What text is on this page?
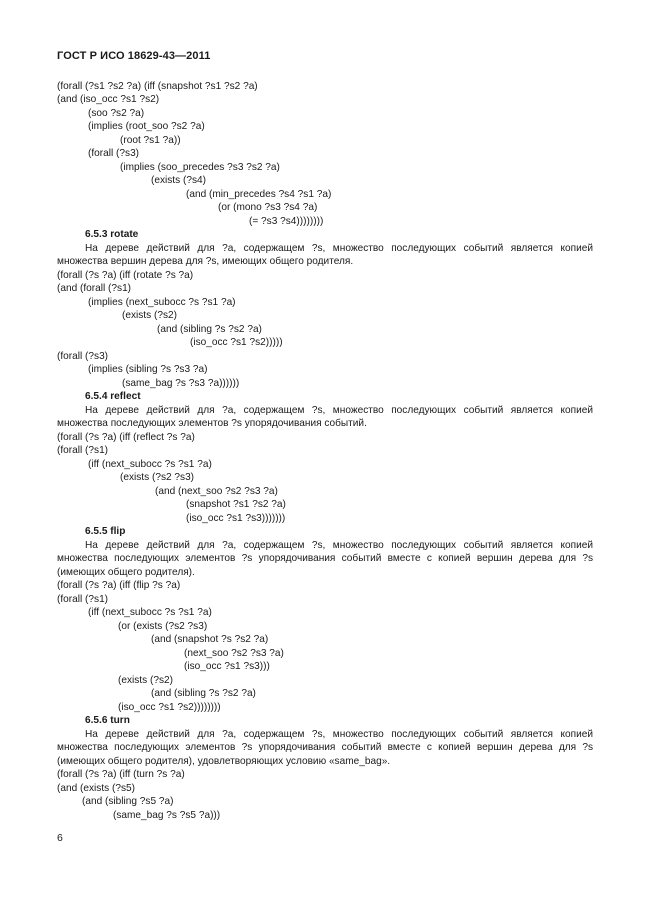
ГОСТ Р ИСО 18629-43—2011
(forall (?s1 ?s2 ?a) (iff (snapshot ?s1 ?s2 ?a)
(and (iso_occ ?s1 ?s2)
(soo ?s2 ?a)
(implies (root_soo ?s2 ?a)
(root ?s1 ?a))
(forall (?s3)
(implies (soo_precedes ?s3 ?s2 ?a)
(exists (?s4)
(and (min_precedes ?s4 ?s1 ?a)
(or (mono ?s3 ?s4 ?a)
(= ?s3 ?s4))))))))
6.5.3 rotate
На дереве действий для ?a, содержащем ?s, множество последующих событий является копией
множества вершин дерева для ?s, имеющих общего родителя.
(forall (?s ?a) (iff (rotate ?s ?a)
(and (forall (?s1)
(implies (next_subocc ?s ?s1 ?a)
(exists (?s2)
(and (sibling ?s ?s2 ?a)
(iso_occ ?s1 ?s2)))))
(forall (?s3)
(implies (sibling ?s ?s3 ?a)
(same_bag ?s ?s3 ?a))))))
6.5.4 reflect
На дереве действий для ?a, содержащем ?s, множество последующих событий является копией
множества последующих элементов ?s упорядочивания событий.
(forall (?s ?a) (iff (reflect ?s ?a)
(forall (?s1)
(iff (next_subocc ?s ?s1 ?a)
(exists (?s2 ?s3)
(and (next_soo ?s2 ?s3 ?a)
(snapshot ?s1 ?s2 ?a)
(iso_occ ?s1 ?s3)))))))
6.5.5 flip
На дереве действий для ?a, содержащем ?s, множество последующих событий является копией
множества последующих элементов ?s упорядочивания событий вместе с копией вершин дерева для ?s
(имеющих общего родителя).
(forall (?s ?a) (iff (flip ?s ?a)
(forall (?s1)
(iff (next_subocc ?s ?s1 ?a)
(or (exists (?s2 ?s3)
(and (snapshot ?s ?s2 ?a)
(next_soo ?s2 ?s3 ?a)
(iso_occ ?s1 ?s3)))
(exists (?s2)
(and (sibling ?s ?s2 ?a)
(iso_occ ?s1 ?s2))))))))
6.5.6 turn
На дереве действий для ?a, содержащем ?s, множество последующих событий является копией
множества последующих элементов ?s упорядочивания событий вместе с копией вершин дерева для ?s
(имеющих общего родителя), удовлетворяющих условию «same_bag».
(forall (?s ?a) (iff (turn ?s ?a)
(and (exists (?s5)
(and (sibling ?s5 ?a)
(same_bag ?s ?s5 ?a)))
6
